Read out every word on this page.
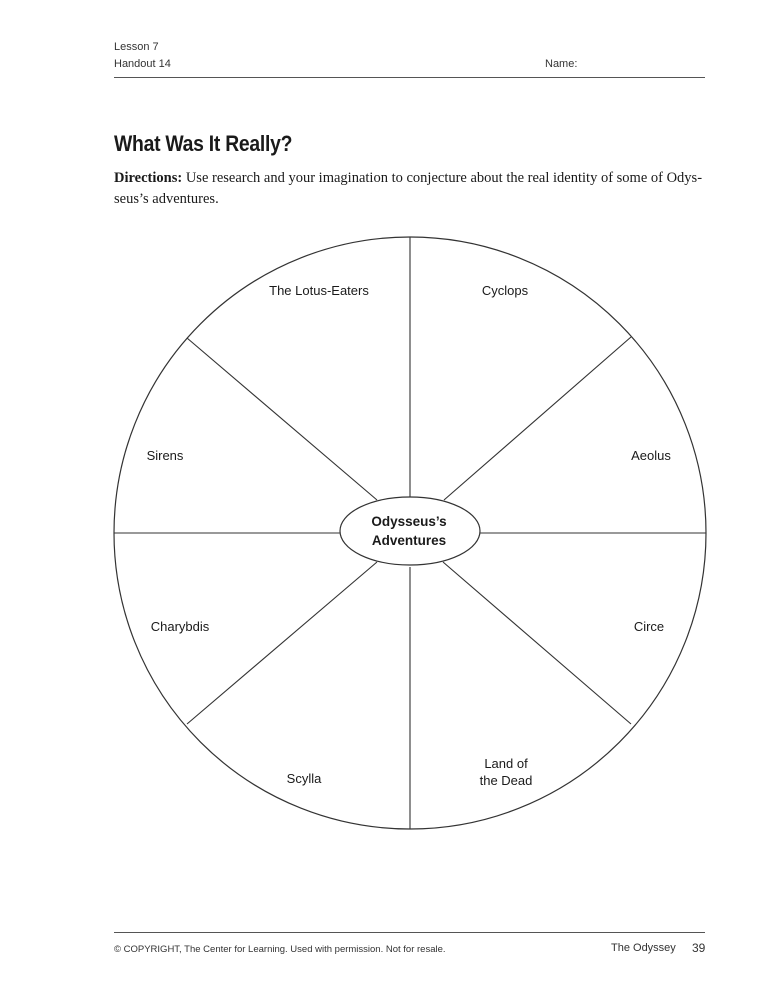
Lesson 7
Handout 14	Name:
What Was It Really?

Directions: Use research and your imagination to conjecture about the real identity of some of Odys-
seus’s adventures.

Odysseus’s
Adventures
The Lotus-Eaters	Cyclops
Aeolus
Circe
Land of
the Dead
Scylla
Charybdis
Sirens
© COPYRIGHT, The Center for Learning. Used with permission. Not for resale.	The Odyssey 39
